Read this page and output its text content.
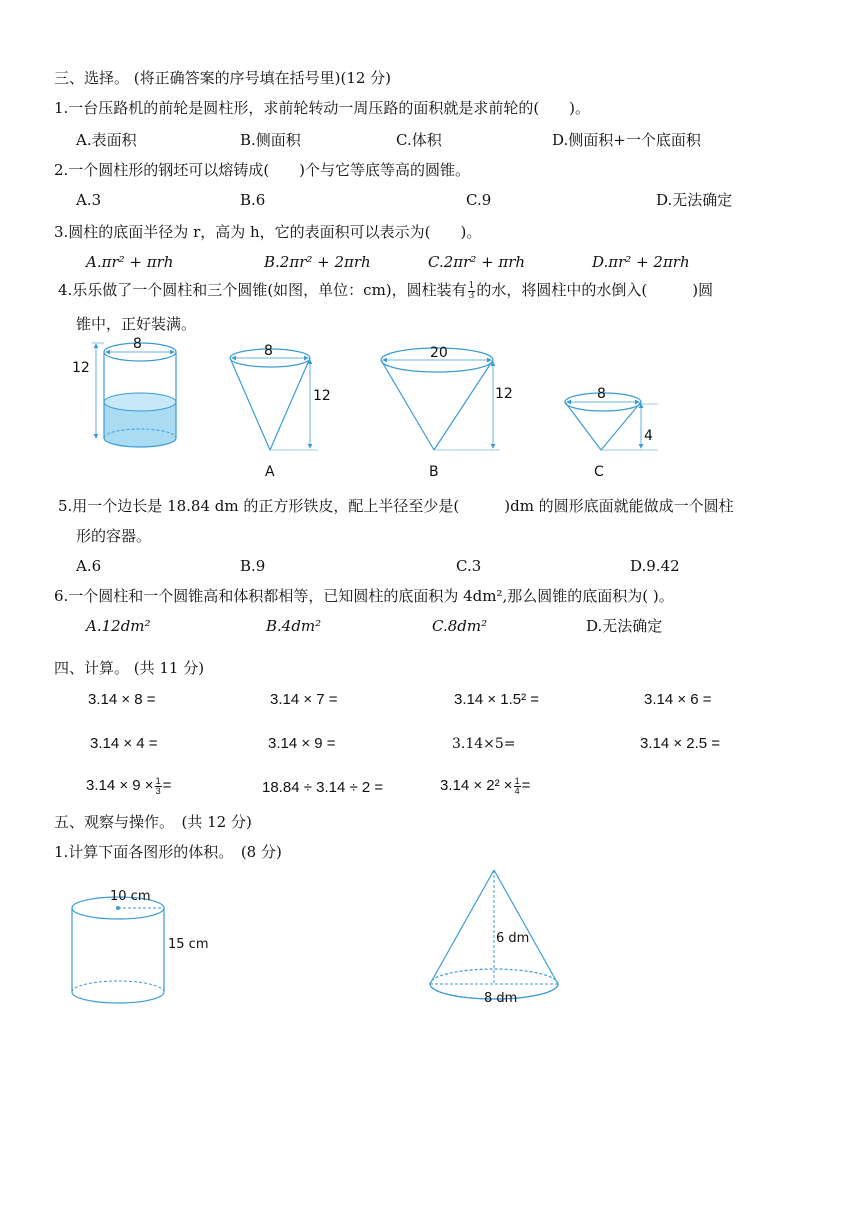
三、选择。 (将正确答案的序号填在括号里)(12 分)
1.一台压路机的前轮是圆柱形，求前轮转动一周压路的面积就是求前轮的(　　)。
A.表面积	B.侧面积	C.体积	D.侧面积+一个底面积
2.一个圆柱形的钢坯可以熔铸成(　　)个与它等底等高的圆锥。
A.3	B.6	C.9	D.无法确定
3.圆柱的底面半径为 r，高为 h，它的表面积可以表示为(　　)。
A.πr² + πrh	B.2πr² + 2πrh	C.2πr² + πrh	D.πr² + 2πrh
4.乐乐做了一个圆柱和三个圆锥(如图，单位：cm)，圆柱装有 $\frac{1}{3}$ 的水，将圆柱中的水倒入(　　　)圆
锥中，正好装满。
8
12
8
12
A
20
12
B
8
4
C
5.用一个边长是 18.84 dm 的正方形铁皮，配上半径至少是(　　　)dm 的圆形底面就能做成一个圆柱
形的容器。
A.6	B.9	C.3	D.9.42
6.一个圆柱和一个圆锥高和体积都相等，已知圆柱的底面积为 4dm²,那么圆锥的底面积为( )。
A.12dm²	B.4dm²	C.8dm²	D.无法确定
四、计算。 (共 11 分)
3.14 × 8 =	3.14 × 7 =	3.14 × 1.5² =	3.14 × 6 =
3.14 × 4 =	3.14 × 9 =	3.14×5=	3.14 × 2.5 =
$3.14 \times 9 \times \frac{1}{3}$ =	18.84 ÷ 3.14 ÷ 2 =	$3.14 \times 2^2 \times \frac{1}{4}$ =
五、观察与操作。　(共 12 分)
1.计算下面各图形的体积。　(8 分)
10 cm
15 cm	6 dm
8 dm
